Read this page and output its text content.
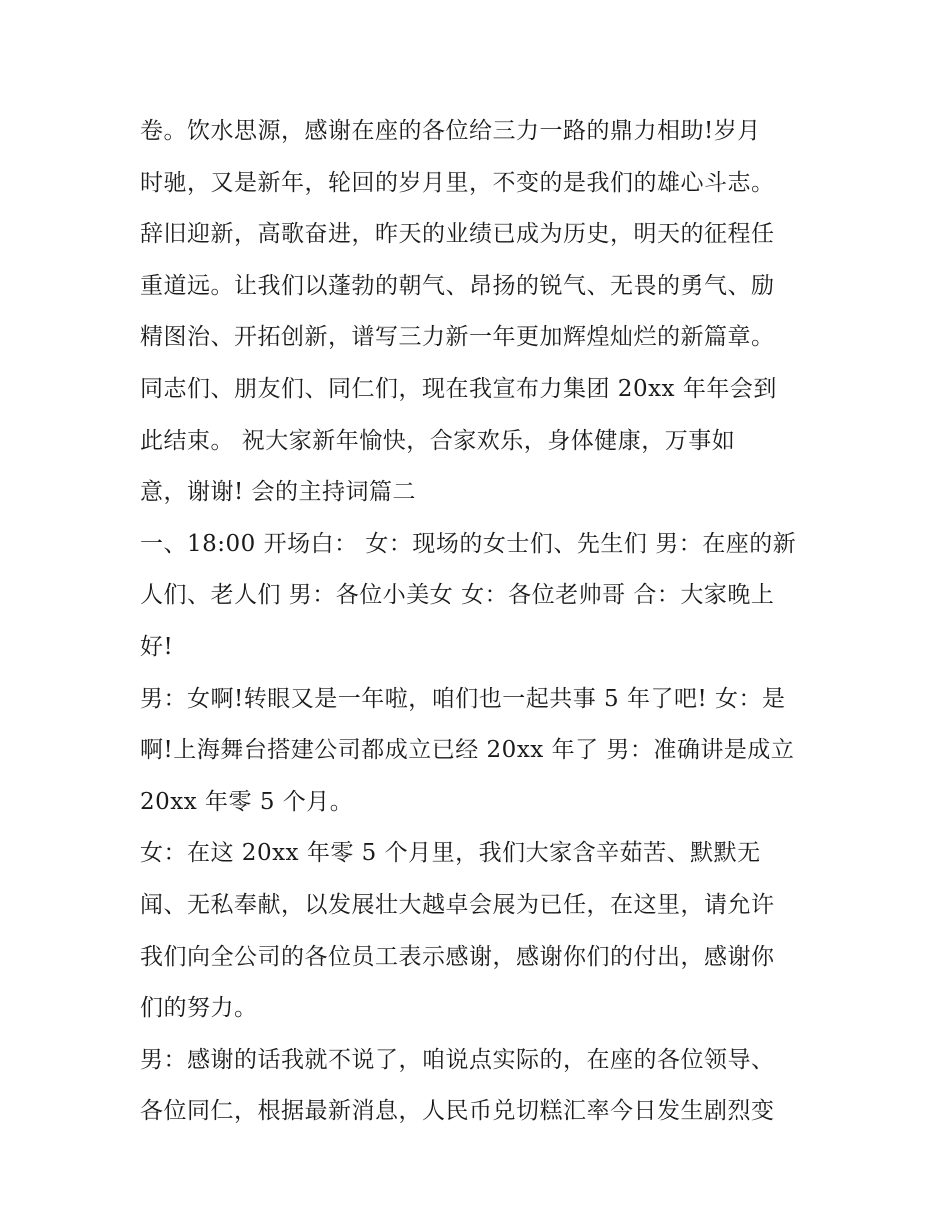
卷。饮水思源，感谢在座的各位给三力一路的鼎力相助!岁月
时驰，又是新年，轮回的岁月里，不变的是我们的雄心斗志。
辞旧迎新，高歌奋进，昨天的业绩已成为历史，明天的征程任
重道远。让我们以蓬勃的朝气、昂扬的锐气、无畏的勇气、励
精图治、开拓创新，谱写三力新一年更加辉煌灿烂的新篇章。
同志们、朋友们、同仁们，现在我宣布力集团 20xx 年年会到
此结束。 祝大家新年愉快，合家欢乐，身体健康，万事如
意，谢谢! 会的主持词篇二
一、18:00 开场白： 女：现场的女士们、先生们 男：在座的新
人们、老人们 男：各位小美女 女：各位老帅哥 合：大家晚上
好!
男：女啊!转眼又是一年啦，咱们也一起共事 5 年了吧! 女：是
啊!上海舞台搭建公司都成立已经 20xx 年了 男：准确讲是成立
20xx 年零 5 个月。
女：在这 20xx 年零 5 个月里，我们大家含辛茹苦、默默无
闻、无私奉献，以发展壮大越卓会展为已任，在这里，请允许
我们向全公司的各位员工表示感谢，感谢你们的付出，感谢你
们的努力。
男：感谢的话我就不说了，咱说点实际的，在座的各位领导、
各位同仁，根据最新消息，人民币兑切糕汇率今日发生剧烈变
